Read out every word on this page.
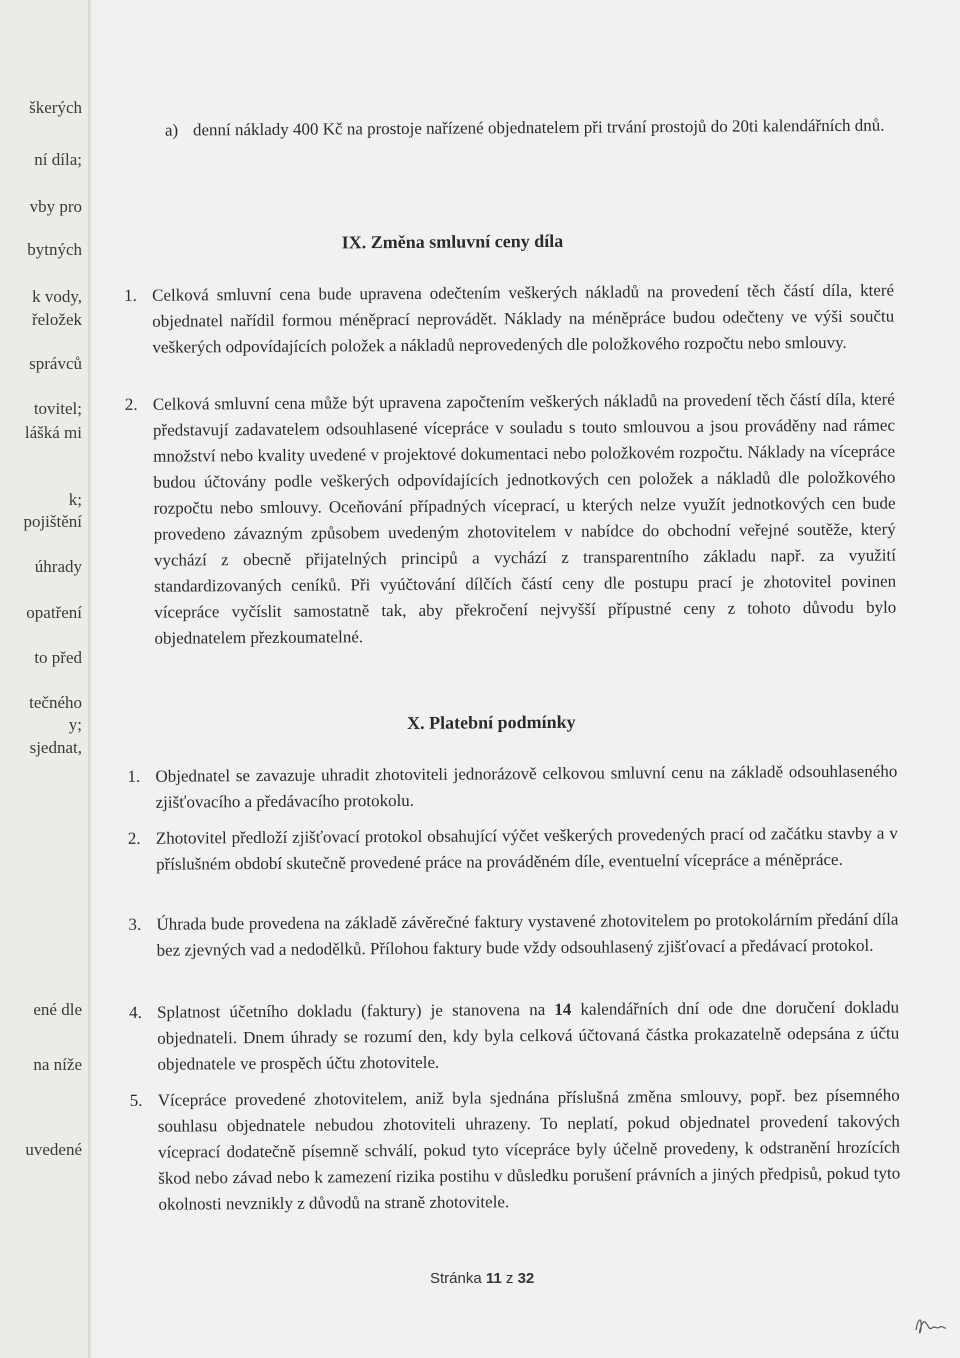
škerých
ní díla;
vby pro
bytných
k vody,
řeložek
správců
tovitel;
lášká mi
k;
pojištění
úhrady
opatření
to před
tečného
y;
sjednat,
ené dle
na níže
uvedené
a) denní náklady 400 Kč na prostoje nařízené objednatelem při trvání prostojů do 20ti kalendářních dnů.
IX. Změna smluvní ceny díla
1. Celková smluvní cena bude upravena odečtením veškerých nákladů na provedení těch částí díla, které objednatel nařídil formou méněprací neprovádět. Náklady na méněpráce budou odečteny ve výši součtu veškerých odpovídajících položek a nákladů neprovedených dle položkového rozpočtu nebo smlouvy.
2. Celková smluvní cena může být upravena započtením veškerých nákladů na provedení těch částí díla, které představují zadavatelem odsouhlasené vícepráce v souladu s touto smlouvou a jsou prováděny nad rámec množství nebo kvality uvedené v projektové dokumentaci nebo položkovém rozpočtu. Náklady na vícepráce budou účtovány podle veškerých odpovídajících jednotkových cen položek a nákladů dle položkového rozpočtu nebo smlouvy. Oceňování případných víceprací, u kterých nelze využít jednotkových cen bude provedeno závazným způsobem uvedeným zhotovitelem v nabídce do obchodní veřejné soutěže, který vychází z obecně přijatelných principů a vychází z transparentního základu např. za využití standardizovaných ceníků. Při vyúčtování dílčích částí ceny dle postupu prací je zhotovitel povinen vícepráce vyčíslit samostatně tak, aby překročení nejvyšší přípustné ceny z tohoto důvodu bylo objednatelem přezkoumatelné.
X. Platební podmínky
1. Objednatel se zavazuje uhradit zhotoviteli jednorázově celkovou smluvní cenu na základě odsouhlaseného zjišťovacího a předávacího protokolu.
2. Zhotovitel předloží zjišťovací protokol obsahující výčet veškerých provedených prací od začátku stavby a v příslušném období skutečně provedené práce na prováděném díle, eventuelní vícepráce a méněpráce.
3. Úhrada bude provedena na základě závěrečné faktury vystavené zhotovitelem po protokolárním předání díla bez zjevných vad a nedodělků. Přílohou faktury bude vždy odsouhlasený zjišťovací a předávací protokol.
4. Splatnost účetního dokladu (faktury) je stanovena na 14 kalendářních dní ode dne doručení dokladu objednateli. Dnem úhrady se rozumí den, kdy byla celková účtovaná částka prokazatelně odepsána z účtu objednatele ve prospěch účtu zhotovitele.
5. Vícepráce provedené zhotovitelem, aniž byla sjednána příslušná změna smlouvy, popř. bez písemného souhlasu objednatele nebudou zhotoviteli uhrazeny. To neplatí, pokud objednatel provedení takových víceprací dodatečně písemně schválí, pokud tyto vícepráce byly účelně provedeny, k odstranění hrozících škod nebo závad nebo k zamezení rizika postihu v důsledku porušení právních a jiných předpisů, pokud tyto okolnosti nevznikly z důvodů na straně zhotovitele.
Stránka 11 z 32
